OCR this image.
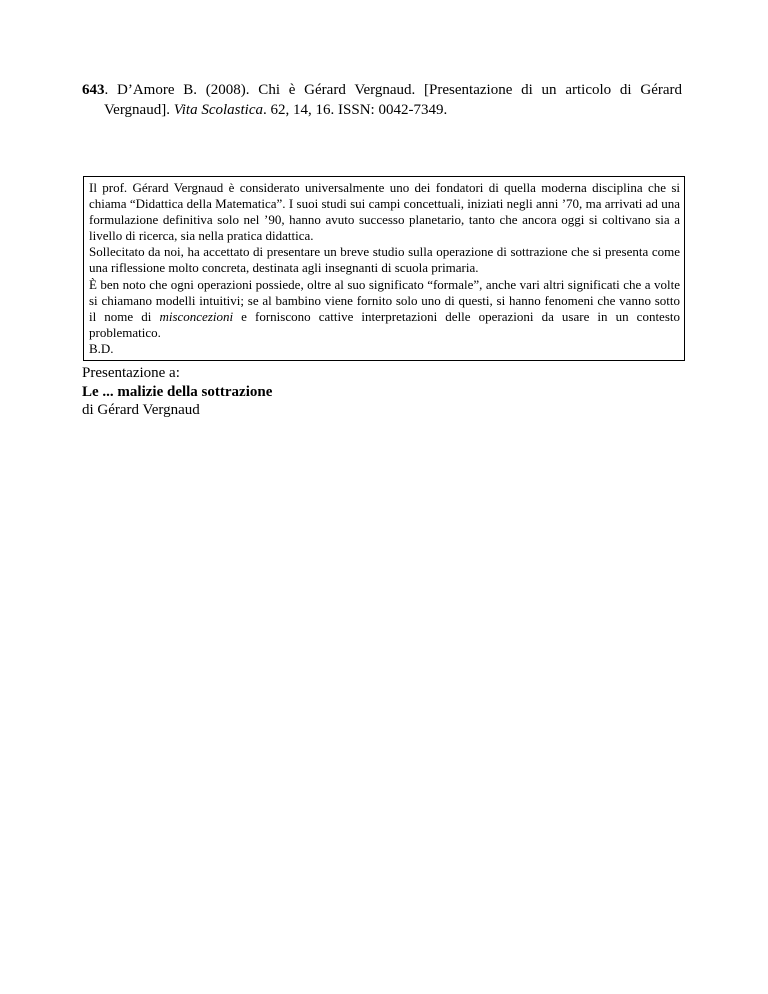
643. D’Amore B. (2008). Chi è Gérard Vergnaud. [Presentazione di un articolo di Gérard Vergnaud]. Vita Scolastica. 62, 14, 16. ISSN: 0042-7349.

Il prof. Gérard Vergnaud è considerato universalmente uno dei fondatori di quella moderna disciplina che si chiama “Didattica della Matematica”. I suoi studi sui campi concettuali, iniziati negli anni ’70, ma arrivati ad una formulazione definitiva solo nel ’90, hanno avuto successo planetario, tanto che ancora oggi si coltivano sia a livello di ricerca, sia nella pratica didattica.

Sollecitato da noi, ha accettato di presentare un breve studio sulla operazione di sottrazione che si presenta come una riflessione molto concreta, destinata agli insegnanti di scuola primaria.

È ben noto che ogni operazioni possiede, oltre al suo significato “formale”, anche vari altri significati che a volte si chiamano modelli intuitivi; se al bambino viene fornito solo uno di questi, si hanno fenomeni che vanno sotto il nome di misconcezioni e forniscono cattive interpretazioni delle operazioni da usare in un contesto problematico.

B.D.

Presentazione a:
Le ... malizie della sottrazione
di Gérard Vergnaud
